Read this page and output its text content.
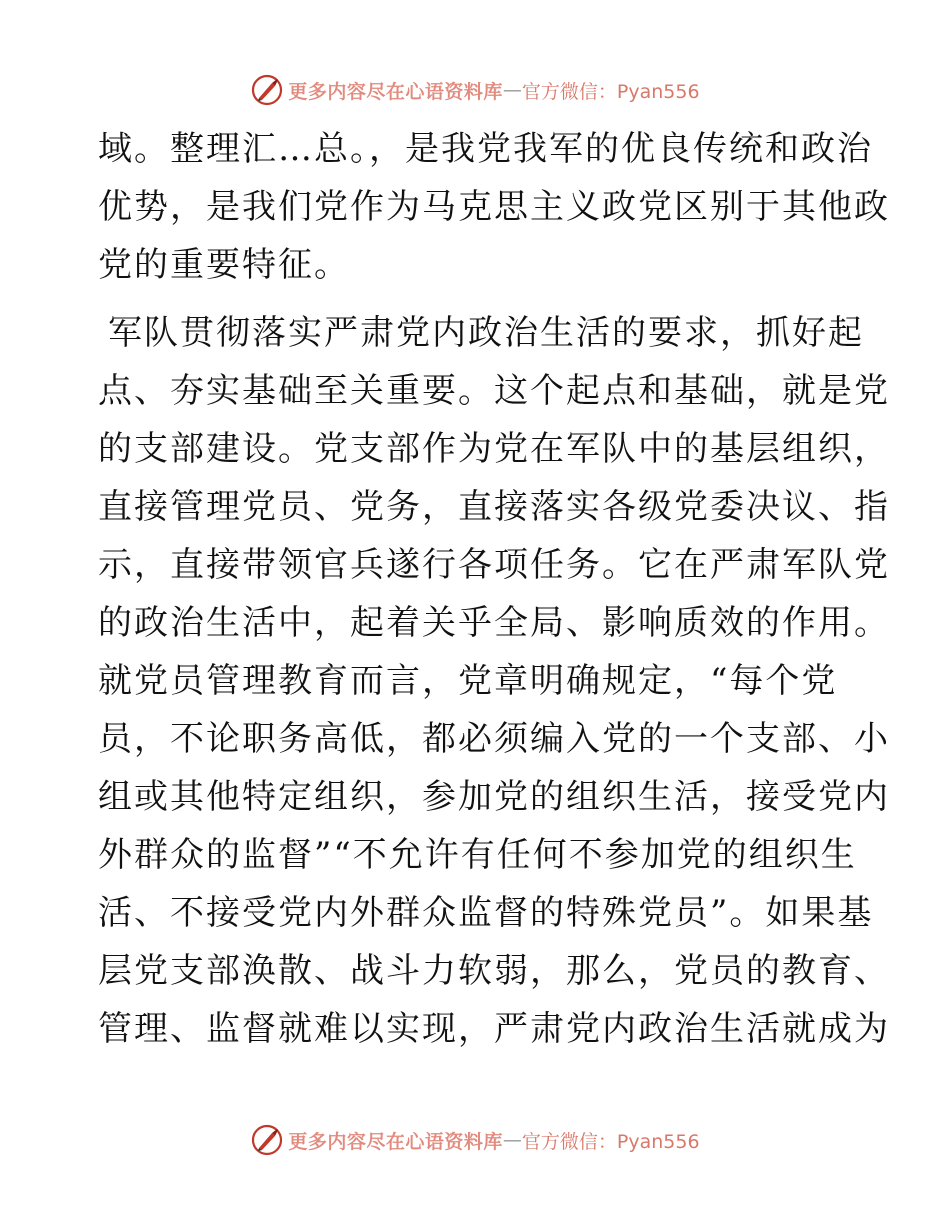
更多内容尽在心语资料库 — 官方微信：Pyan556
域。整理汇…总。，是我党我军的优良传统和政治
优势，是我们党作为马克思主义政党区别于其他政
党的重要特征。
军队贯彻落实严肃党内政治生活的要求，抓好起
点、夯实基础至关重要。这个起点和基础，就是党
的支部建设。党支部作为党在军队中的基层组织，
直接管理党员、党务，直接落实各级党委决议、指
示，直接带领官兵遂行各项任务。它在严肃军队党
的政治生活中，起着关乎全局、影响质效的作用。
就党员管理教育而言，党章明确规定，“每个党
员，不论职务高低，都必须编入党的一个支部、小
组或其他特定组织，参加党的组织生活，接受党内
外群众的监督”“不允许有任何不参加党的组织生
活、不接受党内外群众监督的特殊党员”。如果基
层党支部涣散、战斗力软弱，那么，党员的教育、
管理、监督就难以实现，严肃党内政治生活就成为
更多内容尽在心语资料库 — 官方微信：Pyan556
